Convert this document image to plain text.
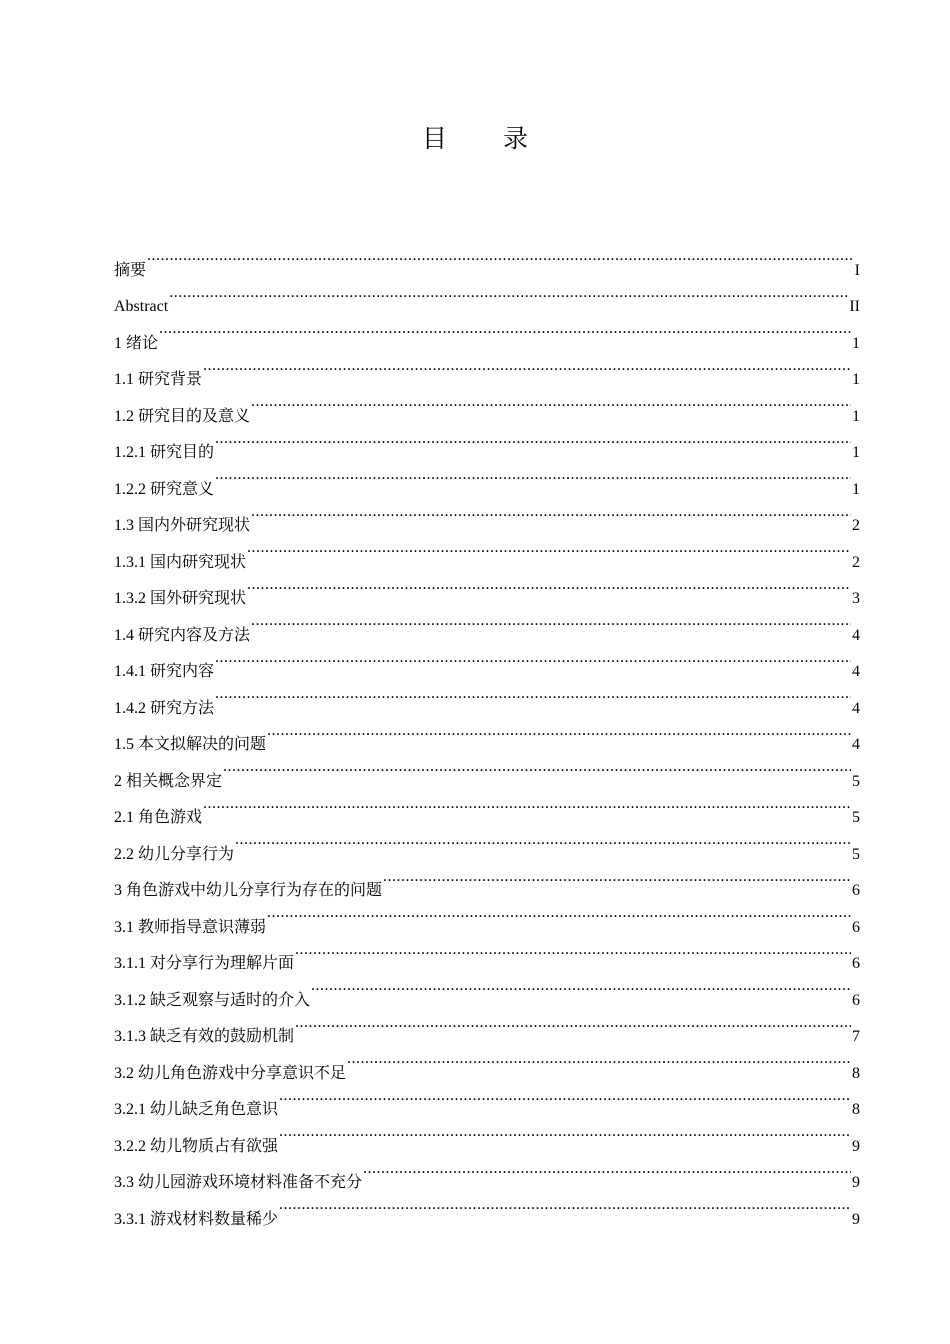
目 录
摘要 .....	I
Abstract .....	II
1 绪论 .....	1
1.1 研究背景 .....	1
1.2 研究目的及意义 .....	1
1.2.1 研究目的 .....	1
1.2.2 研究意义 .....	1
1.3 国内外研究现状 .....	2
1.3.1 国内研究现状 .....	2
1.3.2 国外研究现状 .....	3
1.4 研究内容及方法 .....	4
1.4.1 研究内容 .....	4
1.4.2 研究方法 .....	4
1.5 本文拟解决的问题 .....	4
2 相关概念界定 .....	5
2.1 角色游戏 .....	5
2.2 幼儿分享行为 .....	5
3 角色游戏中幼儿分享行为存在的问题 .....	6
3.1 教师指导意识薄弱 .....	6
3.1.1 对分享行为理解片面 .....	6
3.1.2 缺乏观察与适时的介入 .....	6
3.1.3 缺乏有效的鼓励机制 .....	7
3.2 幼儿角色游戏中分享意识不足 .....	8
3.2.1 幼儿缺乏角色意识 .....	8
3.2.2 幼儿物质占有欲强 .....	9
3.3 幼儿园游戏环境材料准备不充分 .....	9
3.3.1 游戏材料数量稀少 .....	9
